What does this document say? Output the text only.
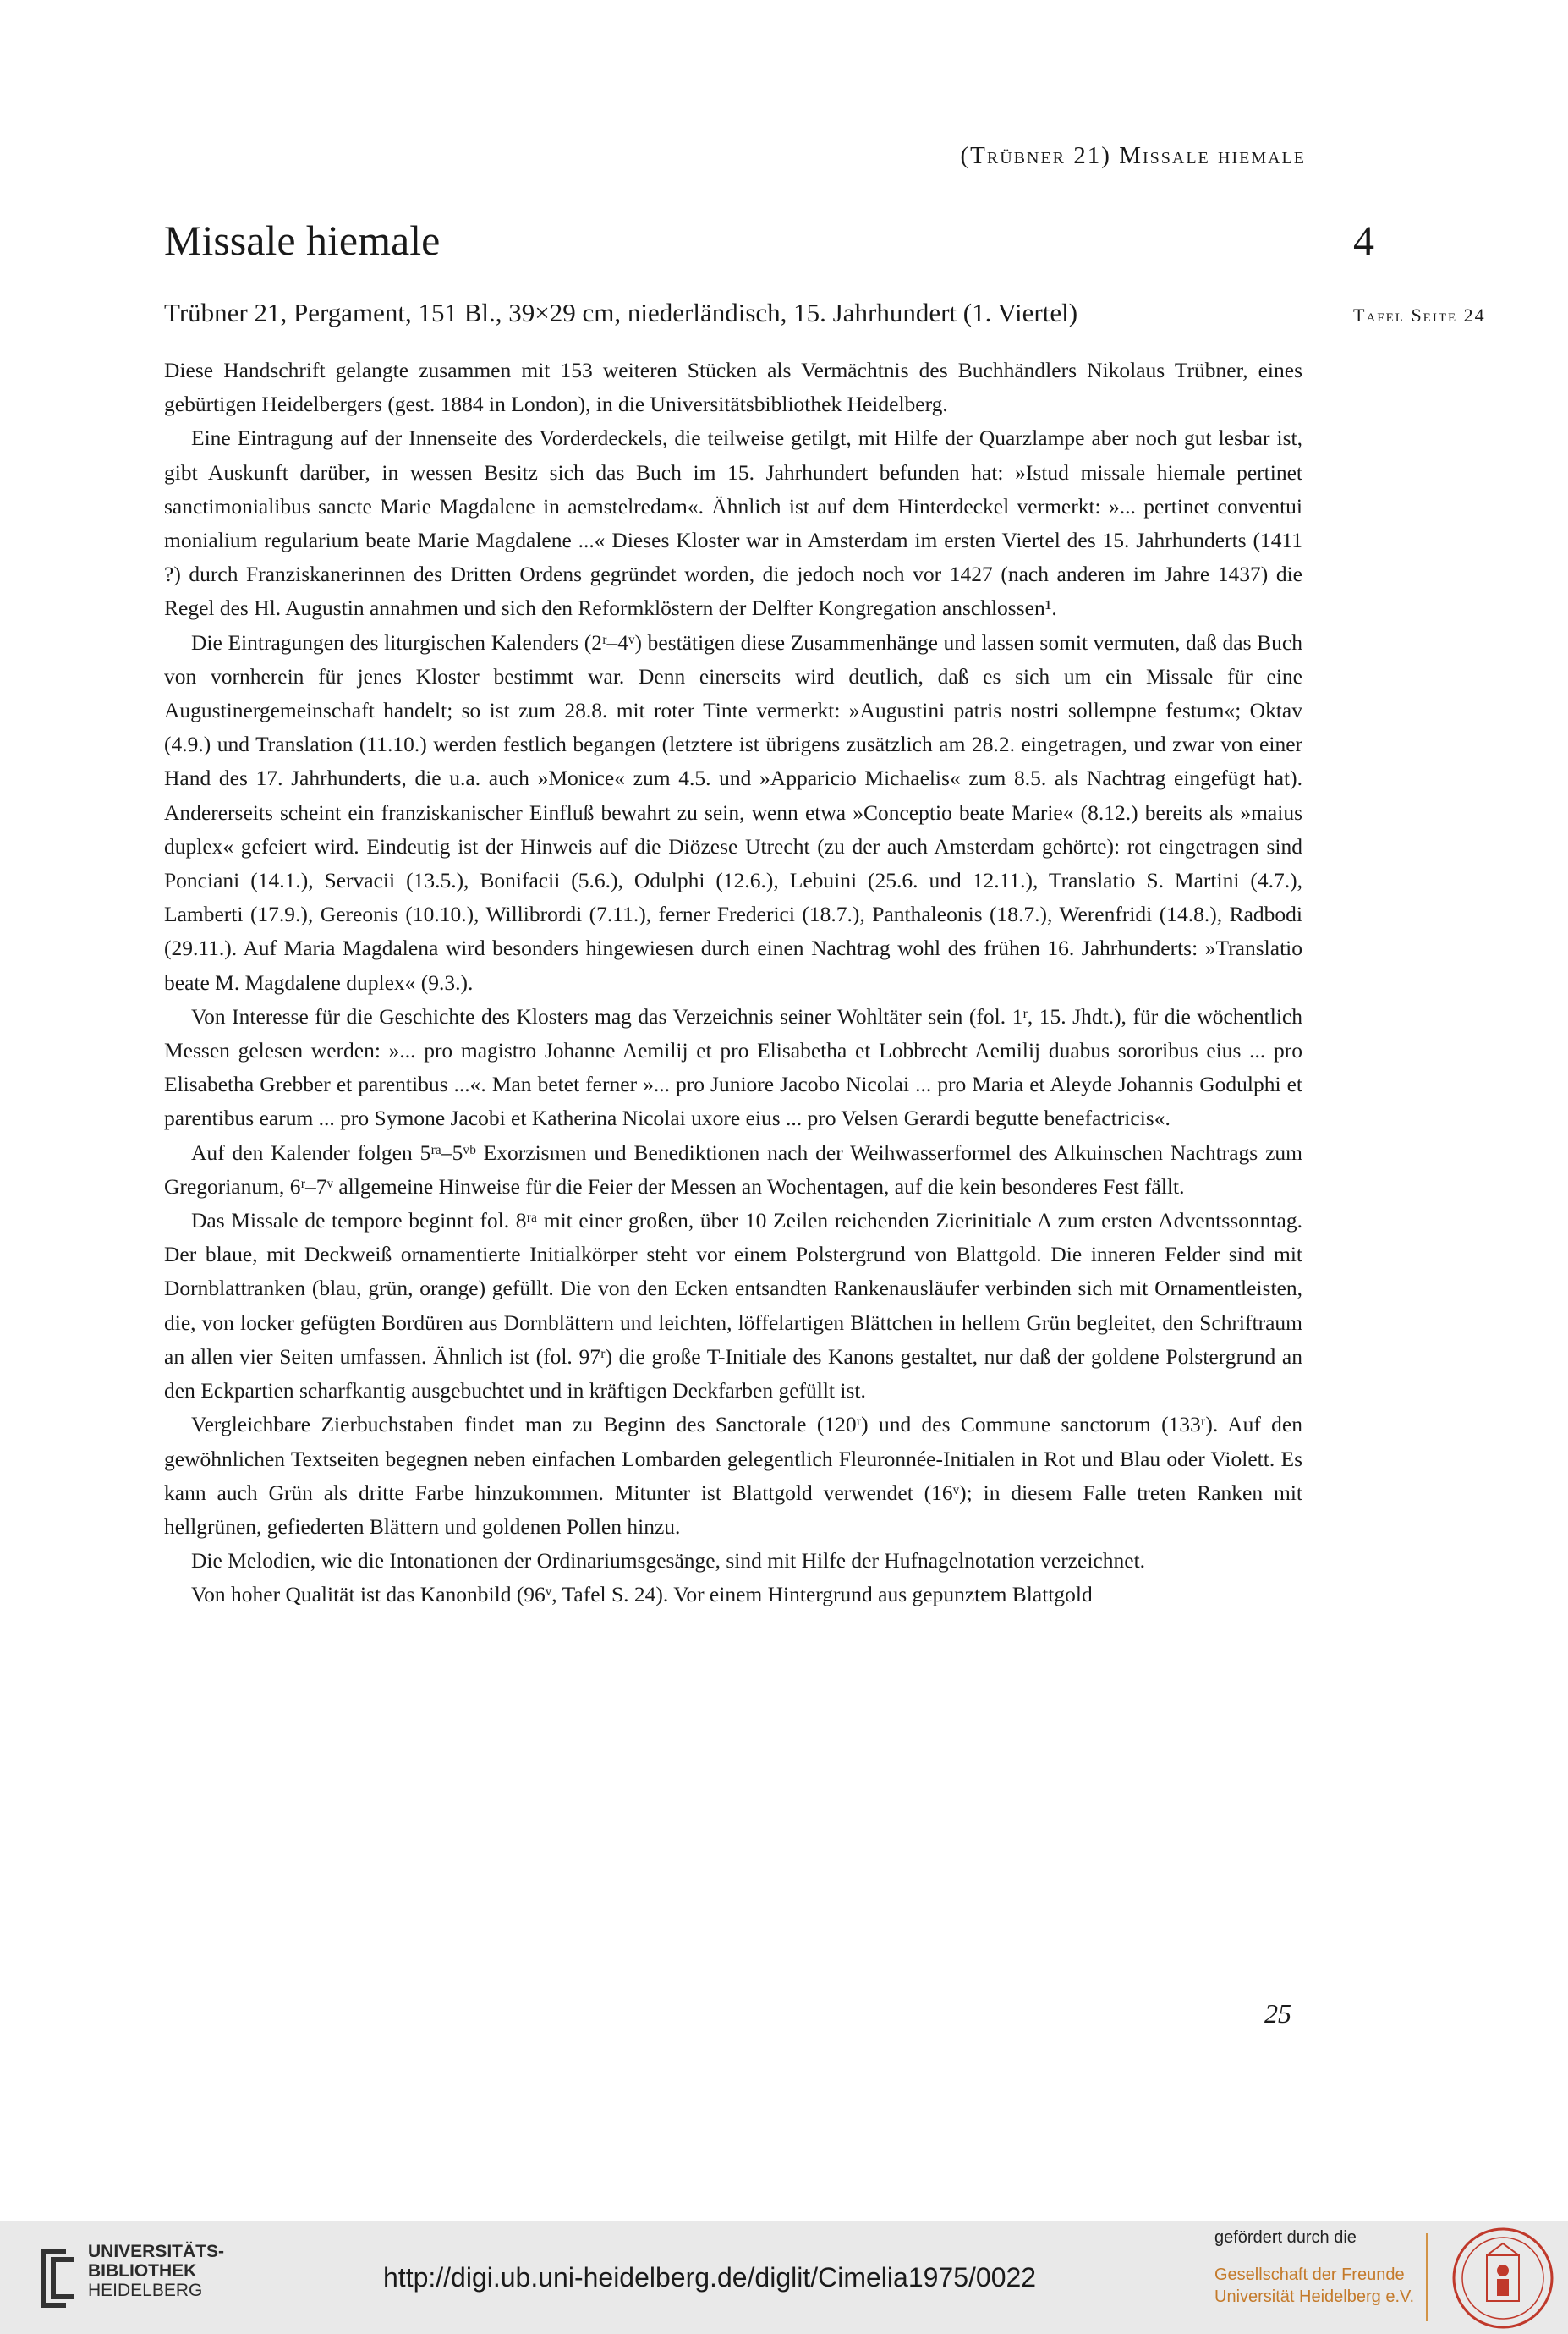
(Trübner 21) Missale hiemale
Missale hiemale	4
Trübner 21, Pergament, 151 Bl., 39×29 cm, niederländisch, 15. Jahrhundert (1. Viertel)	Tafel Seite 24

Diese Handschrift gelangte zusammen mit 153 weiteren Stücken als Vermächtnis des Buchhändlers Nikolaus Trübner, eines gebürtigen Heidelbergers (gest. 1884 in London), in die Universitätsbibliothek Heidelberg.

Eine Eintragung auf der Innenseite des Vorderdeckels, die teilweise getilgt, mit Hilfe der Quarzlampe aber noch gut lesbar ist, gibt Auskunft darüber, in wessen Besitz sich das Buch im 15. Jahrhundert befunden hat: »Istud missale hiemale pertinet sanctimonialibus sancte Marie Magdalene in aemstelredam«. Ähnlich ist auf dem Hinterdeckel vermerkt: »... pertinet conventui monialium regularium beate Marie Magdalene ...« Dieses Kloster war in Amsterdam im ersten Viertel des 15. Jahrhunderts (1411 ?) durch Franziskanerinnen des Dritten Ordens gegründet worden, die jedoch noch vor 1427 (nach anderen im Jahre 1437) die Regel des Hl. Augustin annahmen und sich den Reformklöstern der Delfter Kongregation anschlossen¹.

Die Eintragungen des liturgischen Kalenders (2ʳ–4ᵛ) bestätigen diese Zusammenhänge und lassen somit vermuten, daß das Buch von vornherein für jenes Kloster bestimmt war. Denn einerseits wird deutlich, daß es sich um ein Missale für eine Augustinergemeinschaft handelt; so ist zum 28.8. mit roter Tinte vermerkt: »Augustini patris nostri sollempne festum«; Oktav (4.9.) und Translation (11.10.) werden festlich begangen (letztere ist übrigens zusätzlich am 28.2. eingetragen, und zwar von einer Hand des 17. Jahrhunderts, die u.a. auch »Monice« zum 4.5. und »Apparicio Michaelis« zum 8.5. als Nachtrag eingefügt hat). Andererseits scheint ein franziskanischer Einfluß bewahrt zu sein, wenn etwa »Conceptio beate Marie« (8.12.) bereits als »maius duplex« gefeiert wird. Eindeutig ist der Hinweis auf die Diözese Utrecht (zu der auch Amsterdam gehörte): rot eingetragen sind Ponciani (14.1.), Servacii (13.5.), Bonifacii (5.6.), Odulphi (12.6.), Lebuini (25.6. und 12.11.), Translatio S. Martini (4.7.), Lamberti (17.9.), Gereonis (10.10.), Willibrordi (7.11.), ferner Frederici (18.7.), Panthaleonis (18.7.), Werenfridi (14.8.), Radbodi (29.11.). Auf Maria Magdalena wird besonders hingewiesen durch einen Nachtrag wohl des frühen 16. Jahrhunderts: »Translatio beate M. Magdalene duplex« (9.3.).

Von Interesse für die Geschichte des Klosters mag das Verzeichnis seiner Wohltäter sein (fol. 1ʳ, 15. Jhdt.), für die wöchentlich Messen gelesen werden: »... pro magistro Johanne Aemilij et pro Elisabetha et Lobbrecht Aemilij duabus sororibus eius ... pro Elisabetha Grebber et parentibus ...«. Man betet ferner »... pro Juniore Jacobo Nicolai ... pro Maria et Aleyde Johannis Godulphi et parentibus earum ... pro Symone Jacobi et Katherina Nicolai uxore eius ... pro Velsen Gerardi begutte benefactricis«.

Auf den Kalender folgen 5ʳᵃ–5ᵛᵇ Exorzismen und Benediktionen nach der Weihwasserformel des Alkuinschen Nachtrags zum Gregorianum, 6ʳ–7ᵛ allgemeine Hinweise für die Feier der Messen an Wochentagen, auf die kein besonderes Fest fällt.

Das Missale de tempore beginnt fol. 8ʳᵃ mit einer großen, über 10 Zeilen reichenden Zierinitiale A zum ersten Adventssonntag. Der blaue, mit Deckweiß ornamentierte Initialkörper steht vor einem Polstergrund von Blattgold. Die inneren Felder sind mit Dornblattranken (blau, grün, orange) gefüllt. Die von den Ecken entsandten Rankenausläufer verbinden sich mit Ornamentleisten, die, von locker gefügten Bordüren aus Dornblättern und leichten, löffelartigen Blättchen in hellem Grün begleitet, den Schriftraum an allen vier Seiten umfassen. Ähnlich ist (fol. 97ʳ) die große T-Initiale des Kanons gestaltet, nur daß der goldene Polstergrund an den Eckpartien scharfkantig ausgebuchtet und in kräftigen Deckfarben gefüllt ist.

Vergleichbare Zierbuchstaben findet man zu Beginn des Sanctorale (120ʳ) und des Commune sanctorum (133ʳ). Auf den gewöhnlichen Textseiten begegnen neben einfachen Lombarden gelegentlich Fleuronnée-Initialen in Rot und Blau oder Violett. Es kann auch Grün als dritte Farbe hinzukommen. Mitunter ist Blattgold verwendet (16ᵛ); in diesem Falle treten Ranken mit hellgrünen, gefiederten Blättern und goldenen Pollen hinzu.

Die Melodien, wie die Intonationen der Ordinariumsgesänge, sind mit Hilfe der Hufnagelnotation verzeichnet.

Von hoher Qualität ist das Kanonbild (96ᵛ, Tafel S. 24). Vor einem Hintergrund aus gepunztem Blattgold

25
UNIVERSITÄTS-
BIBLIOTHEK
HEIDELBERG	http://digi.ub.uni-heidelberg.de/diglit/Cimelia1975/0022
gefördert durch die
Gesellschaft der Freunde
Universität Heidelberg e.V.
